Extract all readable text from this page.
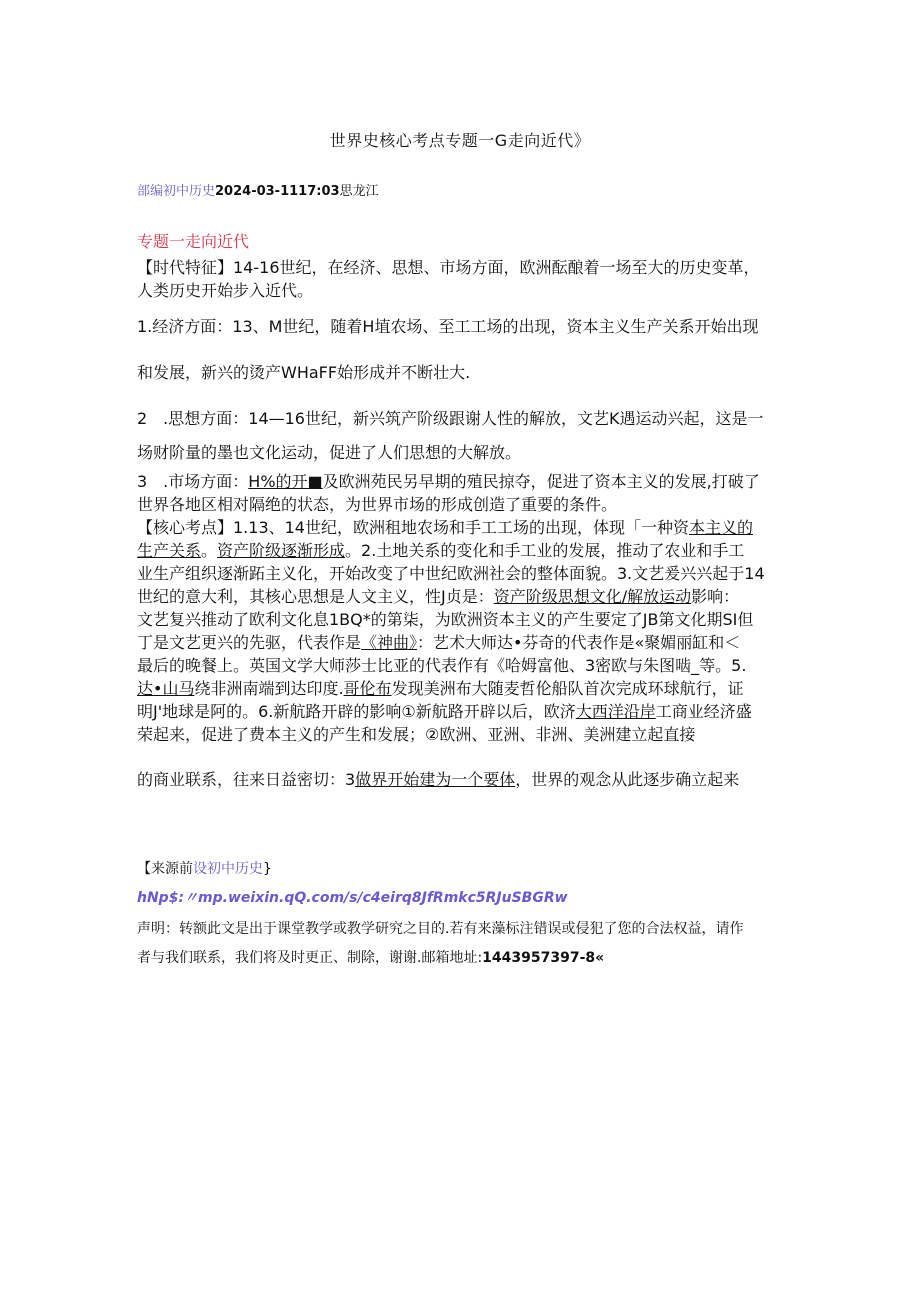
世界史核心考点专题一G走向近代》
部编初中历史2024-03-1117:03思龙江
专题一走向近代
【时代特征】14-16世纪，在经济、思想、市场方面，欧洲酝酿着一场至大的历史变革，
人类历史开始步入近代。
1.经济方面：13、M世纪，随着H埴农场、至工工场的出现，资本主义生产关系开始出现
和发展，新兴的烫产WHaFF始形成并不断壮大.
2　.思想方面：14—16世纪，新兴筑产阶级跟谢人性的解放，文艺K遇运动兴起，这是一
场财阶量的墨也文化运动，促进了人们思想的大解放。
3　.市场方面：H%的开■及欧洲苑民另早期的殖民掠夺，促进了资本主义的发展,打破了
世界各地区相对隔绝的状态，为世界市场的形成创造了重要的条件。
【核心考点】1.13、14世纪，欧洲租地农场和手工工场的出现，体现「一种资本主义的
生产关系。资产阶级逐渐形成。2.土地关系的变化和手工业的发展，推动了农业和手工
业生产组织逐渐跖主义化，开始改变了中世纪欧洲社会的整体面貌。3.文艺爰兴兴起于14
世纪的意大利，其核心思想是人文主义，性J贞是：资产阶级思想文化/解放运动影响：
文艺复兴推动了欧利文化息1BQ*的第柒，为欧洲资本主义的产生要定了JB第文化期SI但
丁是文艺更兴的先驱，代表作是《神曲》：艺术大师达•芬奇的代表作是«聚媚丽缸和＜
最后的晚餐上。英国文学大师莎士比亚的代表作有《哈姆富他、3密欧与朱图啮_等。5.
达•山马绕非洲南端到达印度.哥伦布发现美洲布大随麦哲伦船队首次完成环球航行，证
明J'地球是阿的。6.新航路开辟的影响①新航路开辟以后，欧济大西洋沿岸工商业经济盛
荣起来，促进了费本主义的产生和发展；②欧洲、亚洲、非洲、美洲建立起直接
的商业联系，往来日益密切：3做界开始建为一个要体，世界的观念从此逐步确立起来
【来源前设初中历史}
hNp$:〃mp.weixin.qQ.com/s/c4eirq8JfRmkc5RJuSBGRw
声明：转额此文是出于课堂教学或教学研究之目的.若有来藻标注错误或侵犯了您的合法权益，请作
者与我们联系，我们将及时更正、制除，谢谢.邮箱地址:1443957397-8«
